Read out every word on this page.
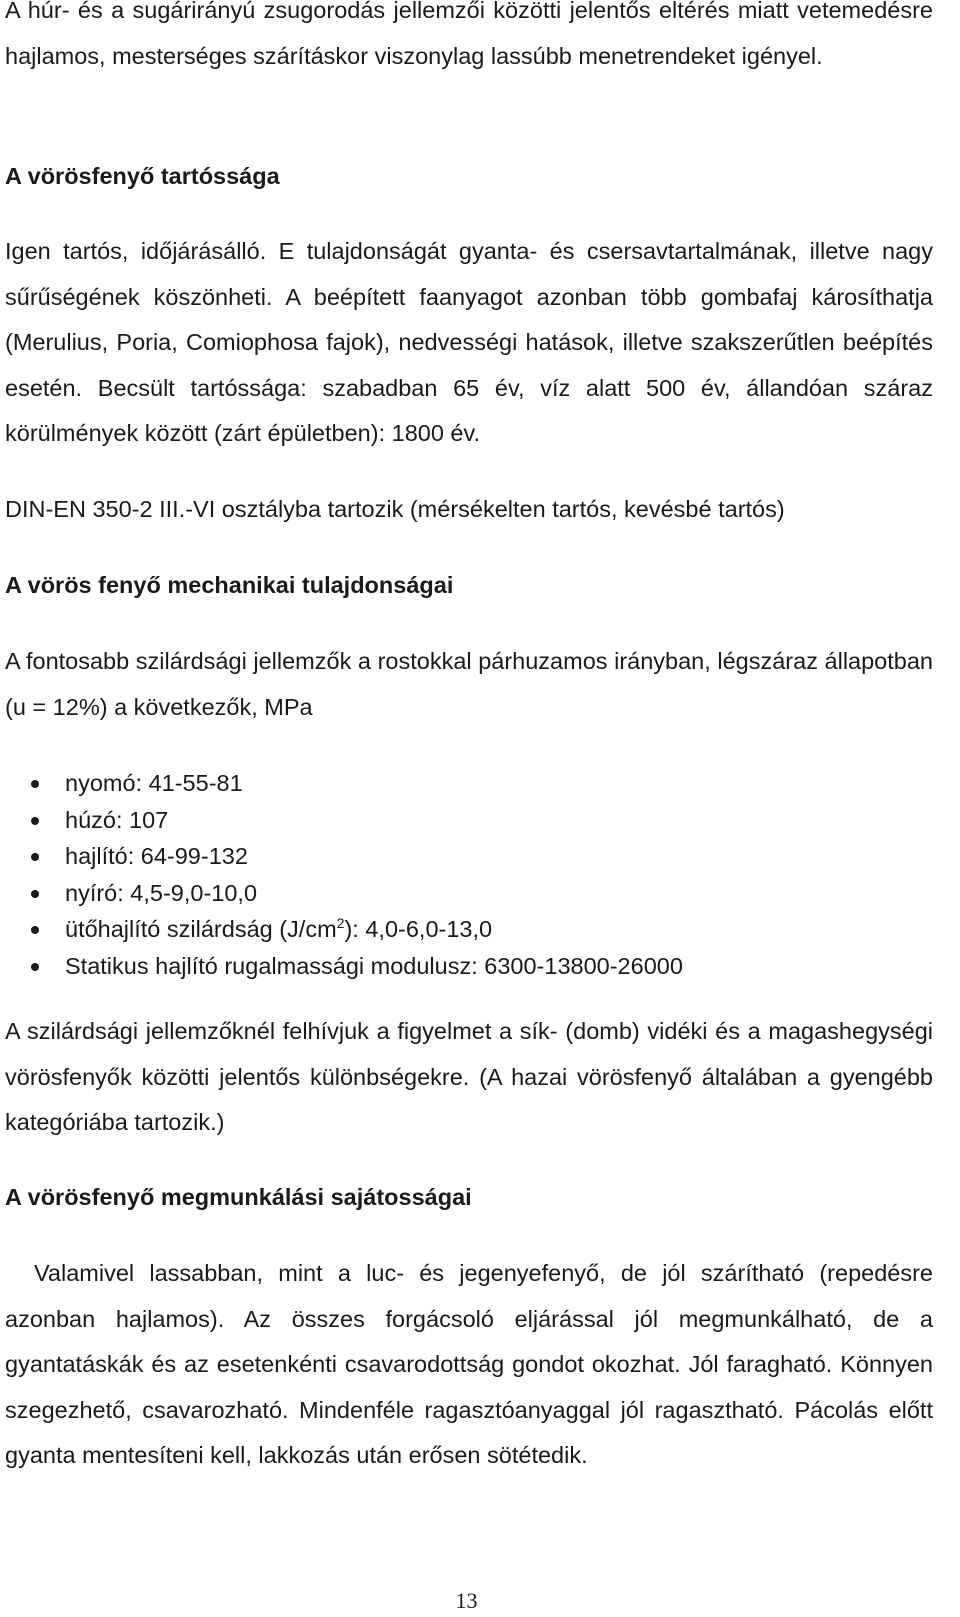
A húr- és a sugárirányú zsugorodás jellemzői közötti jelentős eltérés miatt vetemedésre hajlamos, mesterséges szárításkor viszonylag lassúbb menetrendeket igényel.

A vörösfenyő tartóssága

Igen tartós, időjárásálló. E tulajdonságát gyanta- és csersavtartalmának, illetve nagy sűrűségének köszönheti. A beépített faanyagot azonban több gombafaj károsíthatja (Merulius, Poria, Comiophosa fajok), nedvességi hatások, illetve szakszerűtlen beépítés esetén. Becsült tartóssága: szabadban 65 év, víz alatt 500 év, állandóan száraz körülmények között (zárt épületben): 1800 év.

DIN-EN 350-2 III.-VI osztályba tartozik (mérsékelten tartós, kevésbé tartós)

A vörös fenyő mechanikai tulajdonságai

A fontosabb szilárdsági jellemzők a rostokkal párhuzamos irányban, légszáraz állapotban (u = 12%) a következők, MPa

nyomó: 41-55-81
húzó: 107
hajlító: 64-99-132
nyíró: 4,5-9,0-10,0
ütőhajlító szilárdság $(J/cm^2)$: 4,0-6,0-13,0
Statikus hajlító rugalmassági modulusz: 6300-13800-26000

A szilárdsági jellemzőknél felhívjuk a figyelmet a sík- (domb) vidéki és a magashegységi vörösfenyők közötti jelentős különbségekre. (A hazai vörösfenyő általában a gyengébb kategóriába tartozik.)

A vörösfenyő megmunkálási sajátosságai

Valamivel lassabban, mint a luc- és jegenyefenyő, de jól szárítható (repedésre azonban hajlamos). Az összes forgácsoló eljárással jól megmunkálható, de a gyantatáskák és az esetenkénti csavarodottság gondot okozhat. Jól faragható. Könnyen szegezhető, csavarozható. Mindenféle ragasztóanyaggal jól ragasztható. Pácolás előtt gyanta mentesíteni kell, lakkozás után erősen sötétedik.

13
